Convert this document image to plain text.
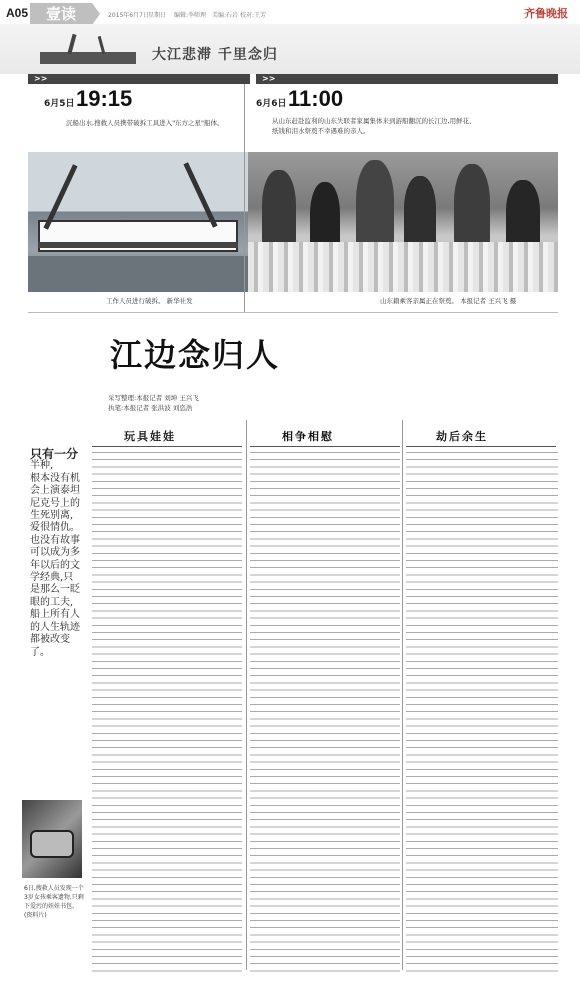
A05	壹读	2015年6月7日 星期日 编辑:李师理 美编:石岩 校对:王芳	齐鲁晚报
大江悲滞 千里念归
>>	>>
6月5日 19:15
沉船出水,搜救人员携带破拆工具进入"东方之星"船体。
工作人员进行破拆。 新华社发
6月6日 11:00
从山东赶赴监利的山东失联者家属集体来到游船翻沉的长江边,用鲜花、纸钱和泪水祭奠不幸遇难的亲人。
山东籍乘客亲属正在祭奠。 本报记者 王兴飞 摄
江边念归人
采写整理:本报记者 刘坤 王兴飞
执笔:本报记者 张洪波 刘恣浩
玩具娃娃	相争相慰	劫后余生
只有一分
半种,
根本没有机
会上演泰坦
尼克号上的
生死别离,
爱很情仇。
也没有故事
可以成为多
年以后的文
学经典,只
是那么一眨
眼的工夫,
船上所有人
的人生轨迹
都被改变
了。
6日,搜救人员发现一个3岁女孩乘客遗物,只剩下爱污的娃娃书包。(资料片)
